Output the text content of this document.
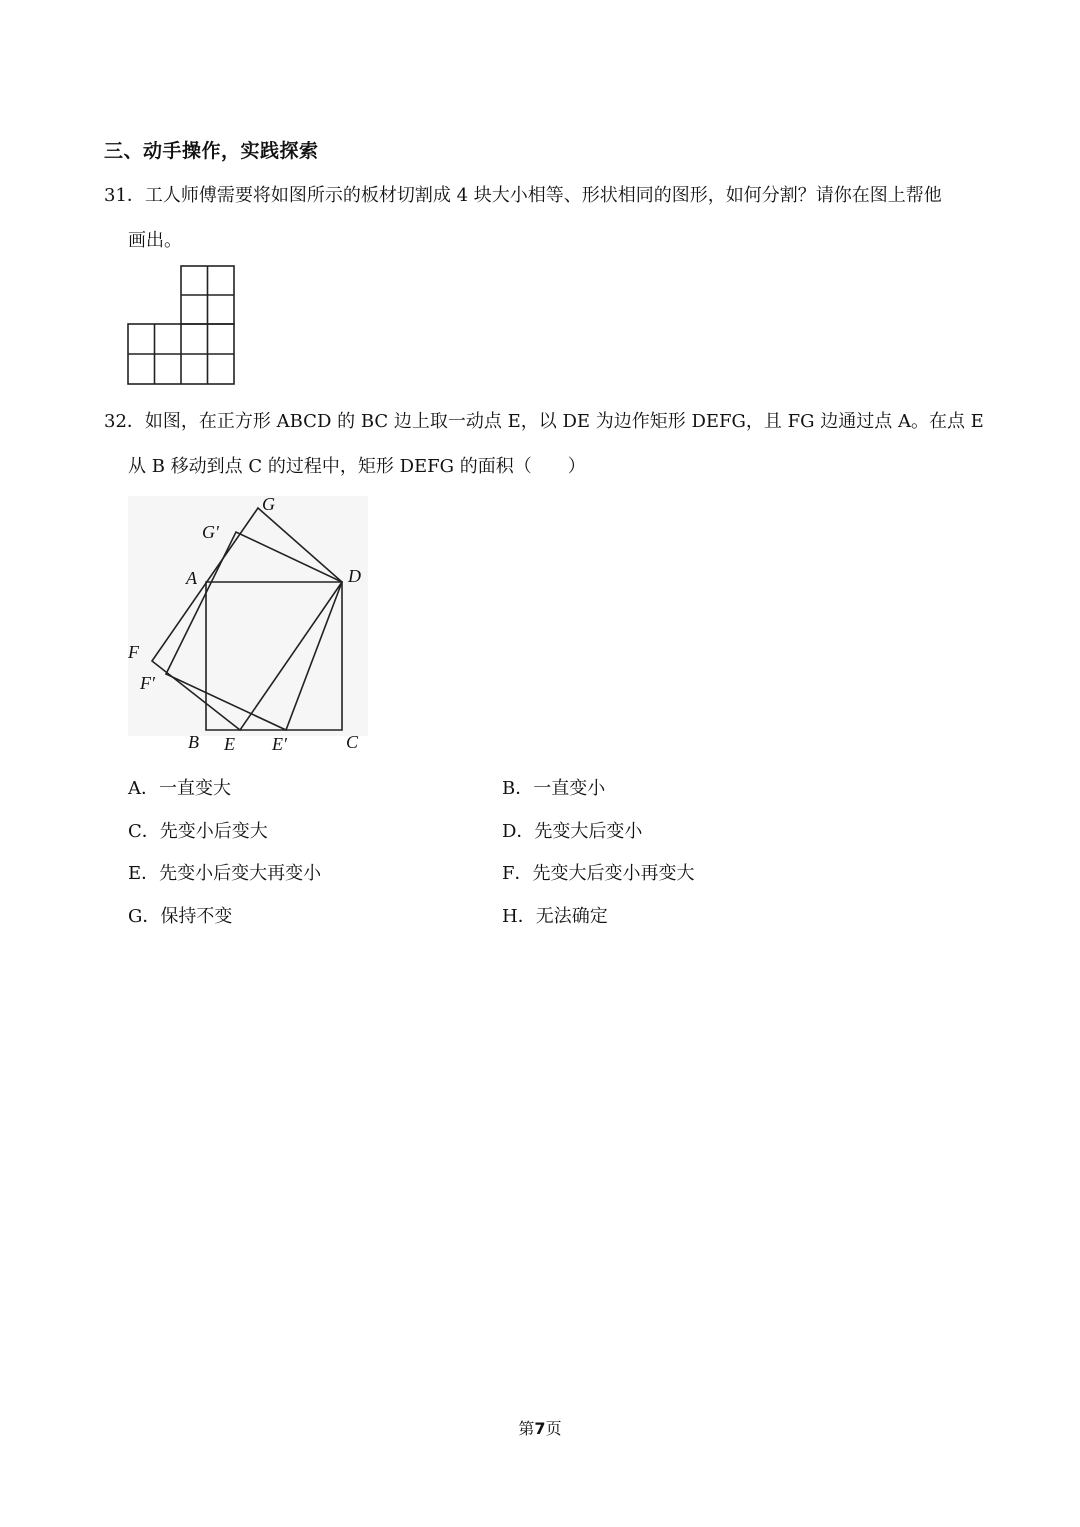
三、动手操作，实践探索
31．工人师傅需要将如图所示的板材切割成 4 块大小相等、形状相同的图形，如何分割？请你在图上帮他
画出。
32．如图，在正方形 ABCD 的 BC 边上取一动点 E，以 DE 为边作矩形 DEFG，且 FG 边通过点 A。在点 E
从 B 移动到点 C 的过程中，矩形 DEFG 的面积（　　）
G
G′
A	D
F
F′
B E E′	C
A．一直变大	B．一直变小
C．先变小后变大	D．先变大后变小
E．先变小后变大再变小	F．先变大后变小再变大
G．保持不变	H．无法确定
第7页
